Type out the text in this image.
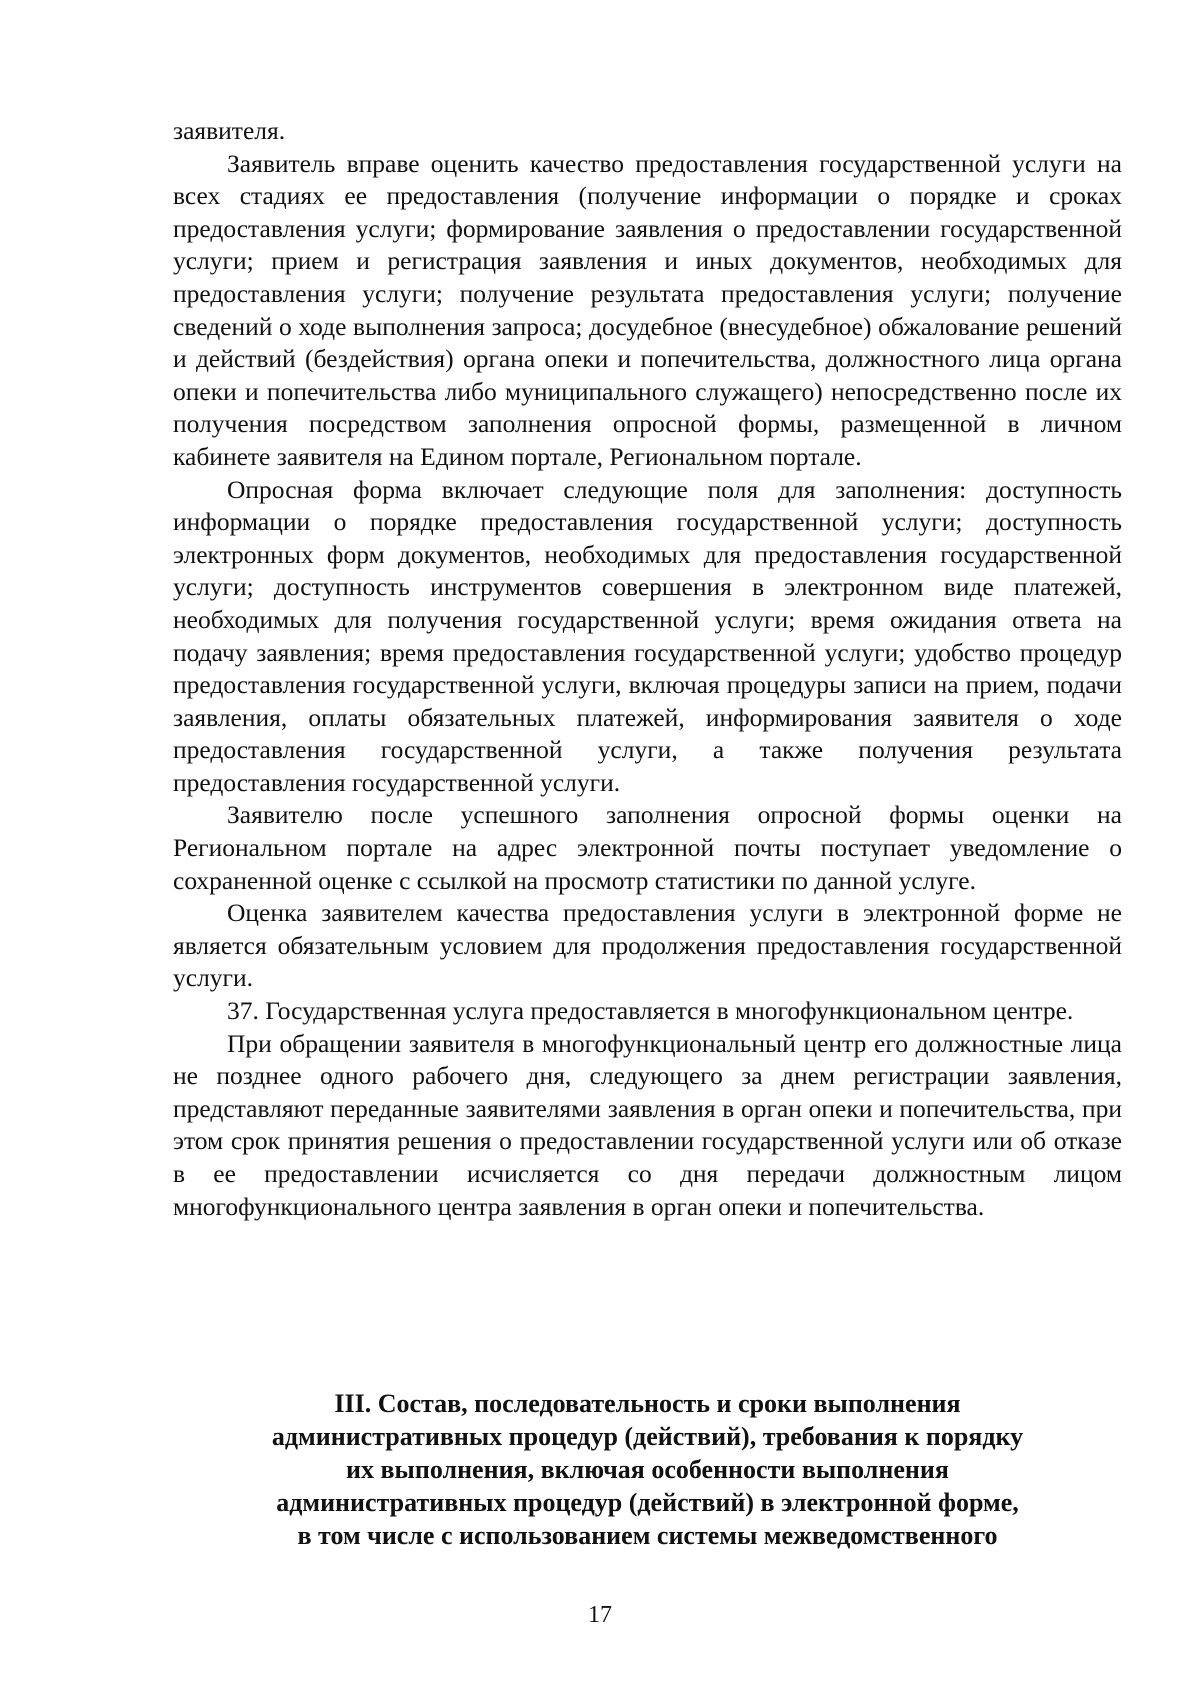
заявителя.

Заявитель вправе оценить качество предоставления государственной услуги на всех стадиях ее предоставления (получение информации о порядке и сроках предоставления услуги; формирование заявления о предоставлении государственной услуги; прием и регистрация заявления и иных документов, необходимых для предоставления услуги; получение результата предоставления услуги; получение сведений о ходе выполнения запроса; досудебное (внесудебное) обжалование решений и действий (бездействия) органа опеки и попечительства, должностного лица органа опеки и попечительства либо муниципального служащего) непосредственно после их получения посредством заполнения опросной формы, размещенной в личном кабинете заявителя на Едином портале, Региональном портале.

Опросная форма включает следующие поля для заполнения: доступность информации о порядке предоставления государственной услуги; доступность электронных форм документов, необходимых для предоставления государственной услуги; доступность инструментов совершения в электронном виде платежей, необходимых для получения государственной услуги; время ожидания ответа на подачу заявления; время предоставления государственной услуги; удобство процедур предоставления государственной услуги, включая процедуры записи на прием, подачи заявления, оплаты обязательных платежей, информирования заявителя о ходе предоставления государственной услуги, а также получения результата предоставления государственной услуги.

Заявителю после успешного заполнения опросной формы оценки на Региональном портале на адрес электронной почты поступает уведомление о сохраненной оценке с ссылкой на просмотр статистики по данной услуге.

Оценка заявителем качества предоставления услуги в электронной форме не является обязательным условием для продолжения предоставления государственной услуги.

37. Государственная услуга предоставляется в многофункциональном центре.

При обращении заявителя в многофункциональный центр его должностные лица не позднее одного рабочего дня, следующего за днем регистрации заявления, представляют переданные заявителями заявления в орган опеки и попечительства, при этом срок принятия решения о предоставлении государственной услуги или об отказе в ее предоставлении исчисляется со дня передачи должностным лицом многофункционального центра заявления в орган опеки и попечительства.

III. Состав, последовательность и сроки выполнения
административных процедур (действий), требования к порядку
их выполнения, включая особенности выполнения
административных процедур (действий) в электронной форме,
в том числе с использованием системы межведомственного
17
